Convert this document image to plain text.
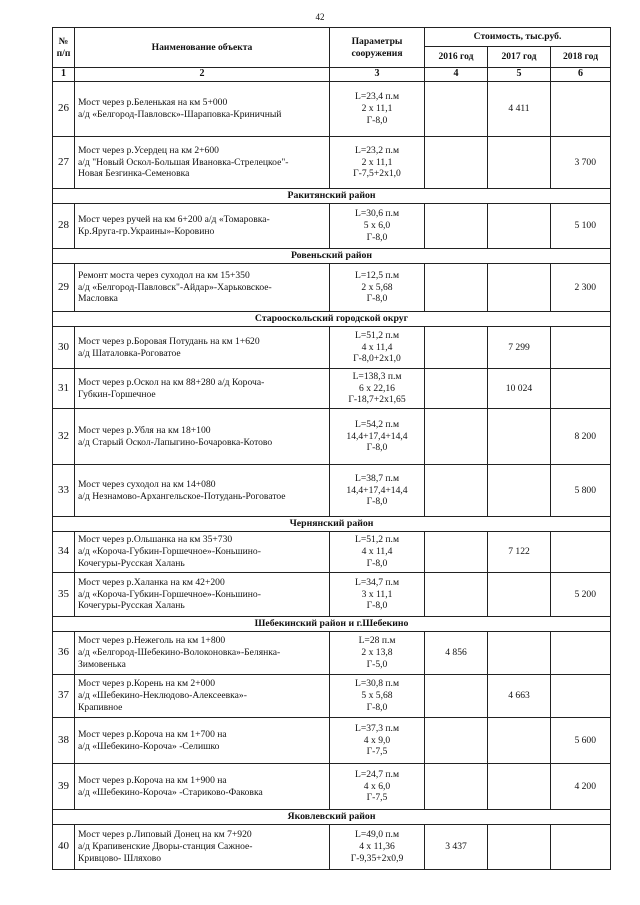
42
№
п/п	Наименование объекта	Параметры сооружения	Стоимость, тыс.руб.		
			2016 год	2017 год	2018 год
1	2	3	4	5	6
26	Мост через р.Беленькая на км 5+000
а/д «Белгород-Павловск»-Шараповка-Криничный	L=23,4 п.м
2 х 11,1
Г-8,0		4 411	
27	Мост через р.Усердец на км 2+600
а/д "Новый Оскол-Большая Ивановка-Стрелецкое"-
Новая Безгинка-Семеновка	L=23,2 п.м
2 х 11,1
Г-7,5+2х1,0			3 700
Ракитянский район					
28	Мост через ручей на км 6+200 а/д «Томаровка-
Кр.Яруга-гр.Украины»-Коровино	L=30,6 п.м
5 х 6,0
Г-8,0			5 100
Ровеньский район					
29	Ремонт моста через суходол на км 15+350
а/д «Белгород-Павловск"-Айдар»-Харьковское-
Масловка	L=12,5 п.м
2 х 5,68
Г-8,0			2 300
Старооскольский городской округ					
30	Мост через р.Боровая Потудань на км 1+620
а/д Шаталовка-Роговатое	L=51,2 п.м
4 х 11,4
Г-8,0+2х1,0		7 299	
31	Мост через р.Оскол на км 88+280 а/д Короча-
Губкин-Горшечное	L=138,3 п.м
6 х 22,16
Г-18,7+2х1,65		10 024	
32	Мост через р.Убля на км 18+100
а/д Старый Оскол-Лапыгино-Бочаровка-Котово	L=54,2 п.м
14,4+17,4+14,4
Г-8,0			8 200
33	Мост через суходол на км 14+080
а/д Незнамово-Архангельское-Потудань-Роговатое	L=38,7 п.м
14,4+17,4+14,4
Г-8,0			5 800
Чернянский район					
34	Мост через р.Ольшанка на км 35+730
а/д «Короча-Губкин-Горшечное»-Коньшино-
Кочегуры-Русская Халань	L=51,2 п.м
4 х 11,4
Г-8,0		7 122	
35	Мост через р.Халанка на км 42+200
а/д «Короча-Губкин-Горшечное»-Коньшино-
Кочегуры-Русская Халань	L=34,7 п.м
3 х 11,1
Г-8,0			5 200
Шебекинский район и г.Шебекино					
36	Мост через р.Нежеголь на км 1+800
а/д «Белгород-Шебекино-Волоконовка»-Белянка-
Зимовенька	L=28 п.м
2 х 13,8
Г-5,0	4 856		
37	Мост через р.Корень на км 2+000
а/д «Шебекино-Неклюдово-Алексеевка»-
Крапивное	L=30,8 п.м
5 х 5,68
Г-8,0		4 663	
38	Мост через р.Короча на км 1+700 на
а/д «Шебекино-Короча» -Селишко	L=37,3 п.м
4 х 9,0
Г-7,5			5 600
39	Мост через р.Короча на км 1+900 на
а/д «Шебекино-Короча» -Стариково-Факовка	L=24,7 п.м
4 х 6,0
Г-7,5			4 200
Яковлевский район					
40	Мост через р.Липовый Донец на км 7+920
а/д Крапивенские Дворы-станция Сажное-
Кривцово- Шляхово	L=49,0 п.м
4 х 11,36
Г-9,35+2х0,9	3 437		
